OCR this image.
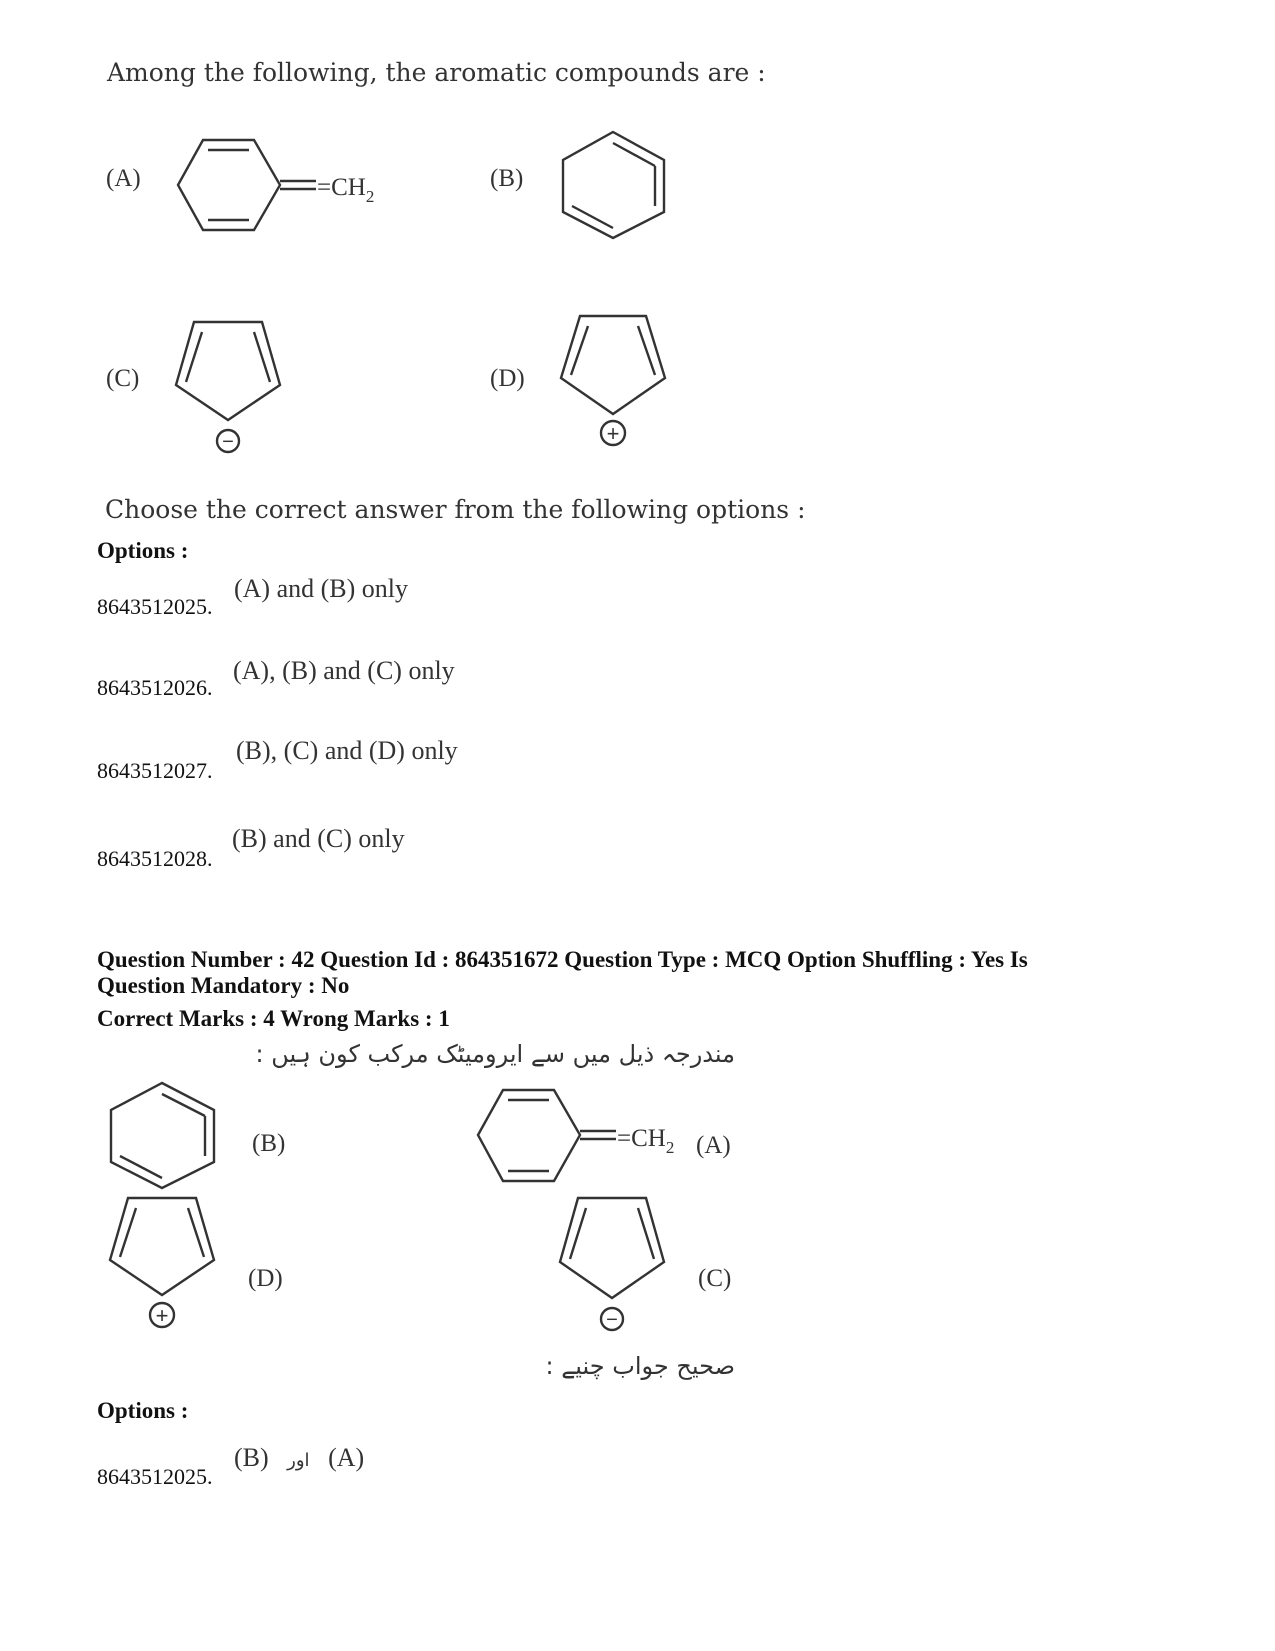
Among the following, the aromatic compounds are :
(A)	$=CH_2$
(B)
(C)
−
(D)
+
Choose the correct answer from the following options :
Options :
8643512025.
(A) and (B) only
8643512026.
(A), (B) and (C) only
8643512027.
(B), (C) and (D) only
8643512028.
(B) and (C) only
Question Number : 42 Question Id : 864351672 Question Type : MCQ Option Shuffling : Yes Is
Question Mandatory : No
Correct Marks : 4 Wrong Marks : 1
مندرجہ ذیل میں سے ایرومیٹک مرکب کون ہیں :
(B)
+
(D)
$=CH_2$ (A)
−
(C)
صحیح جواب چنیے :
Options :
8643512025.
(B) اور (A)
